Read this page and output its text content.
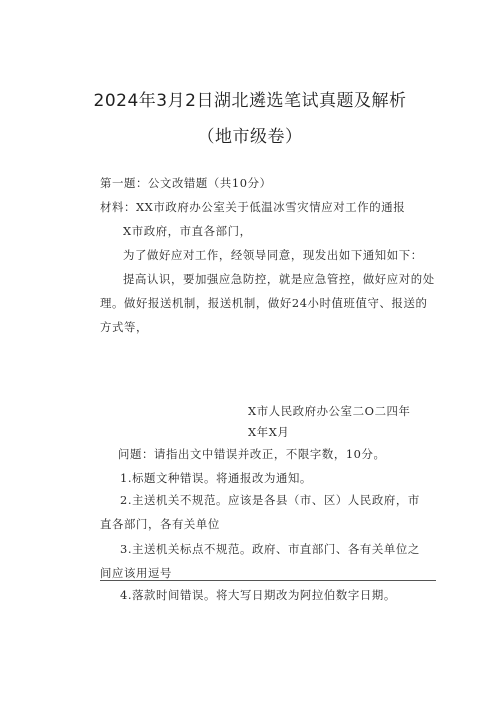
2024年3月2日湖北遴选笔试真题及解析
（地市级卷）
第一题：公文改错题（共10分）
材料：XX市政府办公室关于低温冰雪灾情应对工作的通报
X市政府，市直各部门，
为了做好应对工作，经领导同意，现发出如下通知如下：
提高认识，要加强应急防控，就是应急管控，做好应对的处理。做好报送机制，报送机制，做好24小时值班值守、报送的方式等，
X市人民政府办公室二O二四年
X年X月
问题：请指出文中错误并改正，不限字数，10分。
1.标题文种错误。将通报改为通知。
2.主送机关不规范。应该是各县（市、区）人民政府，市直各部门，各有关单位
3.主送机关标点不规范。政府、市直部门、各有关单位之间应该用逗号
4.落款时间错误。将大写日期改为阿拉伯数字日期。
